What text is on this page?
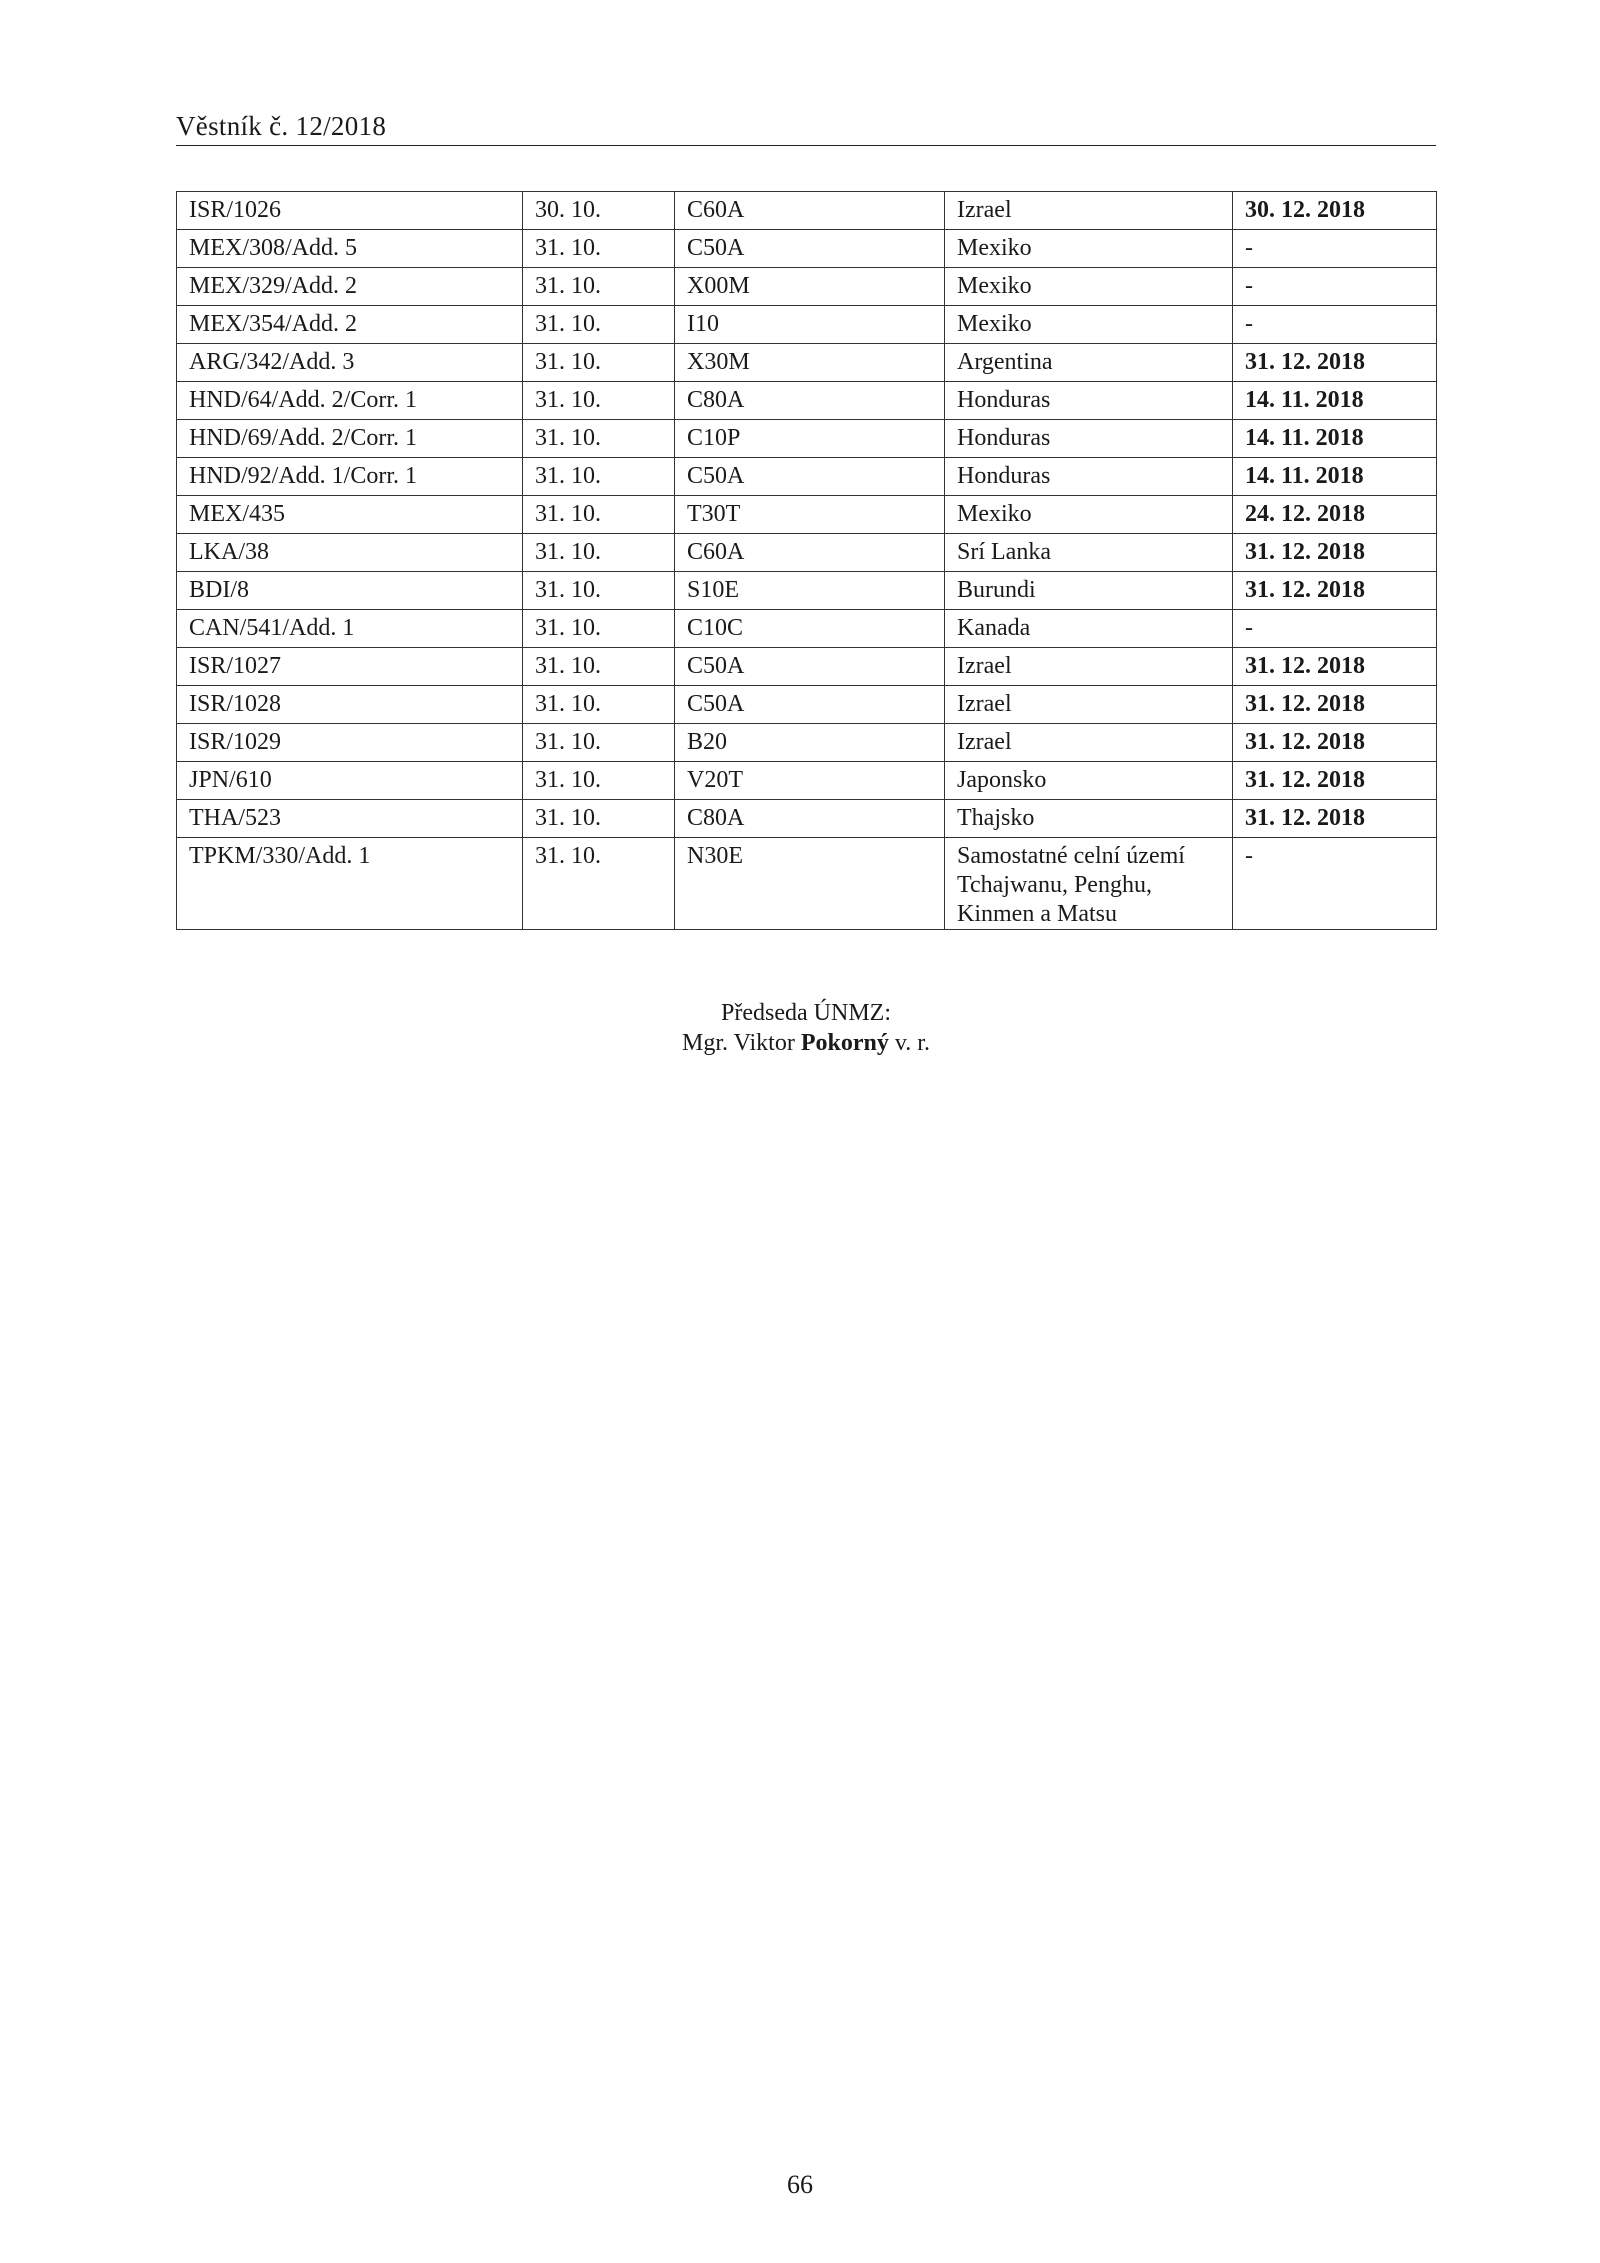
Věstník č. 12/2018
ISR/1026	30. 10.	C60A	Izrael	30. 12. 2018
MEX/308/Add. 5	31. 10.	C50A	Mexiko	-
MEX/329/Add. 2	31. 10.	X00M	Mexiko	-
MEX/354/Add. 2	31. 10.	I10	Mexiko	-
ARG/342/Add. 3	31. 10.	X30M	Argentina	31. 12. 2018
HND/64/Add. 2/Corr. 1	31. 10.	C80A	Honduras	14. 11. 2018
HND/69/Add. 2/Corr. 1	31. 10.	C10P	Honduras	14. 11. 2018
HND/92/Add. 1/Corr. 1	31. 10.	C50A	Honduras	14. 11. 2018
MEX/435	31. 10.	T30T	Mexiko	24. 12. 2018
LKA/38	31. 10.	C60A	Srí Lanka	31. 12. 2018
BDI/8	31. 10.	S10E	Burundi	31. 12. 2018
CAN/541/Add. 1	31. 10.	C10C	Kanada	-
ISR/1027	31. 10.	C50A	Izrael	31. 12. 2018
ISR/1028	31. 10.	C50A	Izrael	31. 12. 2018
ISR/1029	31. 10.	B20	Izrael	31. 12. 2018
JPN/610	31. 10.	V20T	Japonsko	31. 12. 2018
THA/523	31. 10.	C80A	Thajsko	31. 12. 2018
TPKM/330/Add. 1	31. 10.	N30E	Samostatné celní území
Tchajwanu, Penghu,
Kinmen a Matsu	-
Předseda ÚNMZ:
Mgr. Viktor Pokorný v. r.
66
